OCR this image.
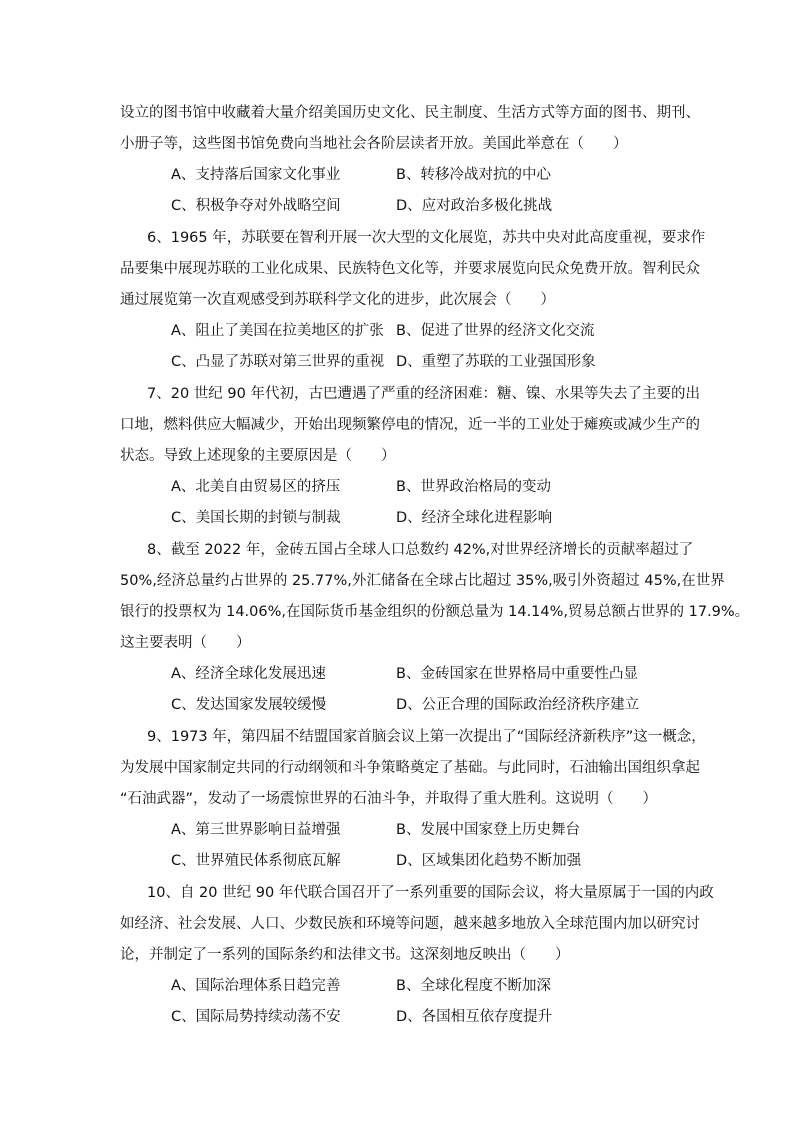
设立的图书馆中收藏着大量介绍美国历史文化、民主制度、生活方式等方面的图书、期刊、
小册子等，这些图书馆免费向当地社会各阶层读者开放。美国此举意在（　　）
A、支持落后国家文化事业	B、转移冷战对抗的中心
C、积极争夺对外战略空间	D、应对政治多极化挑战
6、1965 年，苏联要在智利开展一次大型的文化展览，苏共中央对此高度重视，要求作
品要集中展现苏联的工业化成果、民族特色文化等，并要求展览向民众免费开放。智利民众
通过展览第一次直观感受到苏联科学文化的进步，此次展会（　　）
A、阻止了美国在拉美地区的扩张 B、促进了世界的经济文化交流
C、凸显了苏联对第三世界的重视 D、重塑了苏联的工业强国形象
7、20 世纪 90 年代初，古巴遭遇了严重的经济困难：糖、镍、水果等失去了主要的出
口地，燃料供应大幅减少，开始出现频繁停电的情况，近一半的工业处于瘫痪或减少生产的
状态。导致上述现象的主要原因是（　　）
A、北美自由贸易区的挤压	B、世界政治格局的变动
C、美国长期的封锁与制裁	D、经济全球化进程影响
8、截至 2022 年，金砖五国占全球人口总数约 42%,对世界经济增长的贡献率超过了
50%,经济总量约占世界的 25.77%,外汇储备在全球占比超过 35%,吸引外资超过 45%,在世界
银行的投票权为 14.06%,在国际货币基金组织的份额总量为 14.14%,贸易总额占世界的 17.9%。
这主要表明（　　）
A、经济全球化发展迅速	B、金砖国家在世界格局中重要性凸显
C、发达国家发展较缓慢	D、公正合理的国际政治经济秩序建立
9、1973 年，第四届不结盟国家首脑会议上第一次提出了“国际经济新秩序”这一概念，
为发展中国家制定共同的行动纲领和斗争策略奠定了基础。与此同时，石油输出国组织拿起
“石油武器”，发动了一场震惊世界的石油斗争，并取得了重大胜利。这说明（　　）
A、第三世界影响日益增强	B、发展中国家登上历史舞台
C、世界殖民体系彻底瓦解	D、区域集团化趋势不断加强
10、自 20 世纪 90 年代联合国召开了一系列重要的国际会议，将大量原属于一国的内政
如经济、社会发展、人口、少数民族和环境等问题，越来越多地放入全球范围内加以研究讨
论，并制定了一系列的国际条约和法律文书。这深刻地反映出（　　）
A、国际治理体系日趋完善	B、全球化程度不断加深
C、国际局势持续动荡不安	D、各国相互依存度提升
